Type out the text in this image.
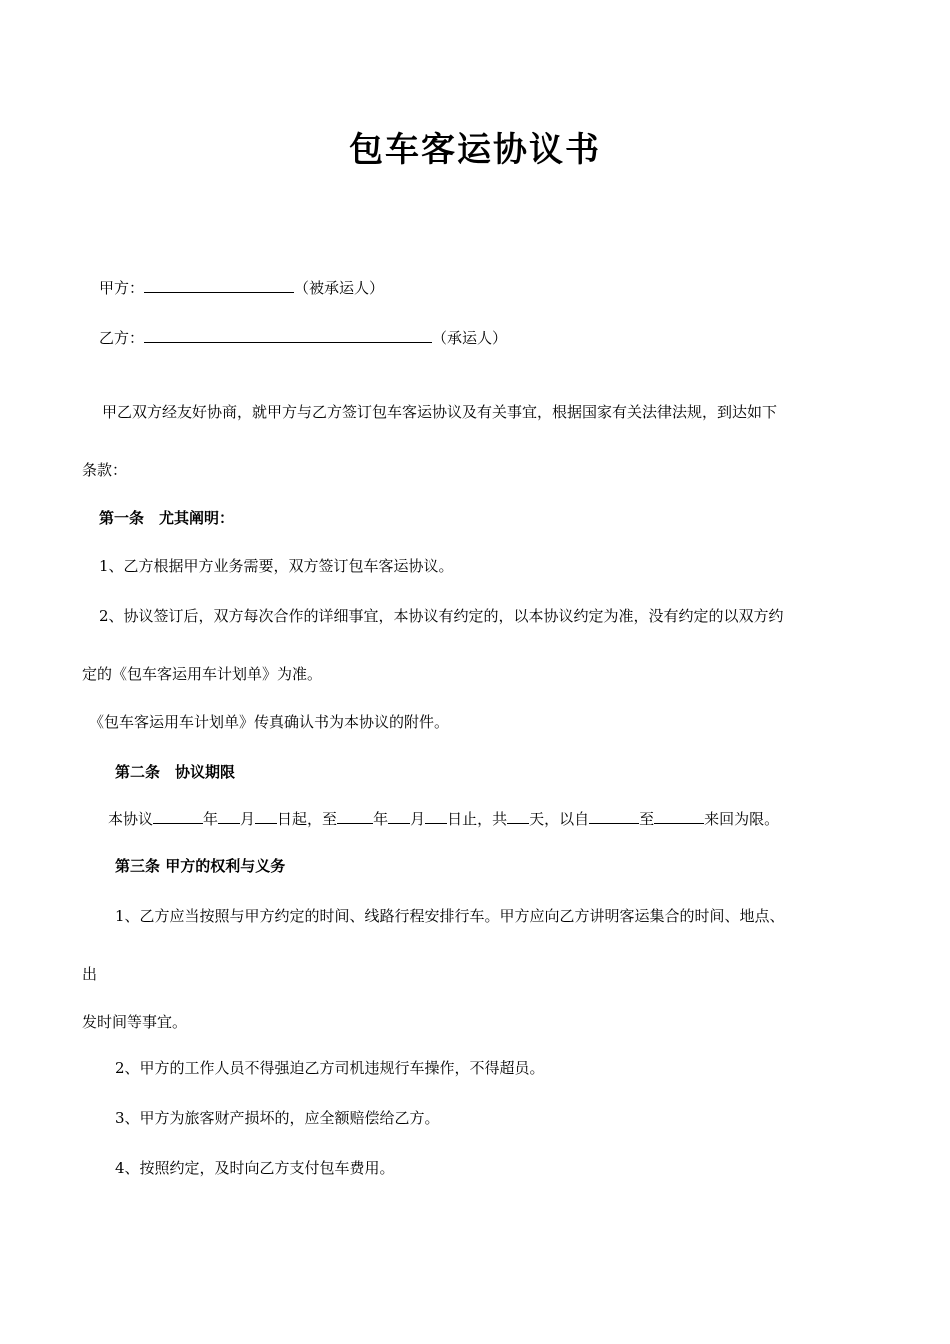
包车客运协议书
甲方：	（被承运人）
乙方：	（承运人）
甲乙双方经友好协商，就甲方与乙方签订包车客运协议及有关事宜，根据国家有关法律法规，到达如下
条款：
第一条　尤其阐明：
1、乙方根据甲方业务需要，双方签订包车客运协议。
2、协议签订后，双方每次合作的详细事宜，本协议有约定的，以本协议约定为准，没有约定的以双方约
定的《包车客运用车计划单》为准。
《包车客运用车计划单》传真确认书为本协议的附件。
第二条　协议期限
本协议	年 月 日起，至 年 月 日止，共 天，以自	至	来回为限。
第三条 甲方的权利与义务
1、乙方应当按照与甲方约定的时间、线路行程安排行车。甲方应向乙方讲明客运集合的时间、地点、
出
发时间等事宜。
2、甲方的工作人员不得强迫乙方司机违规行车操作，不得超员。
3、甲方为旅客财产损坏的，应全额赔偿给乙方。
4、按照约定，及时向乙方支付包车费用。
